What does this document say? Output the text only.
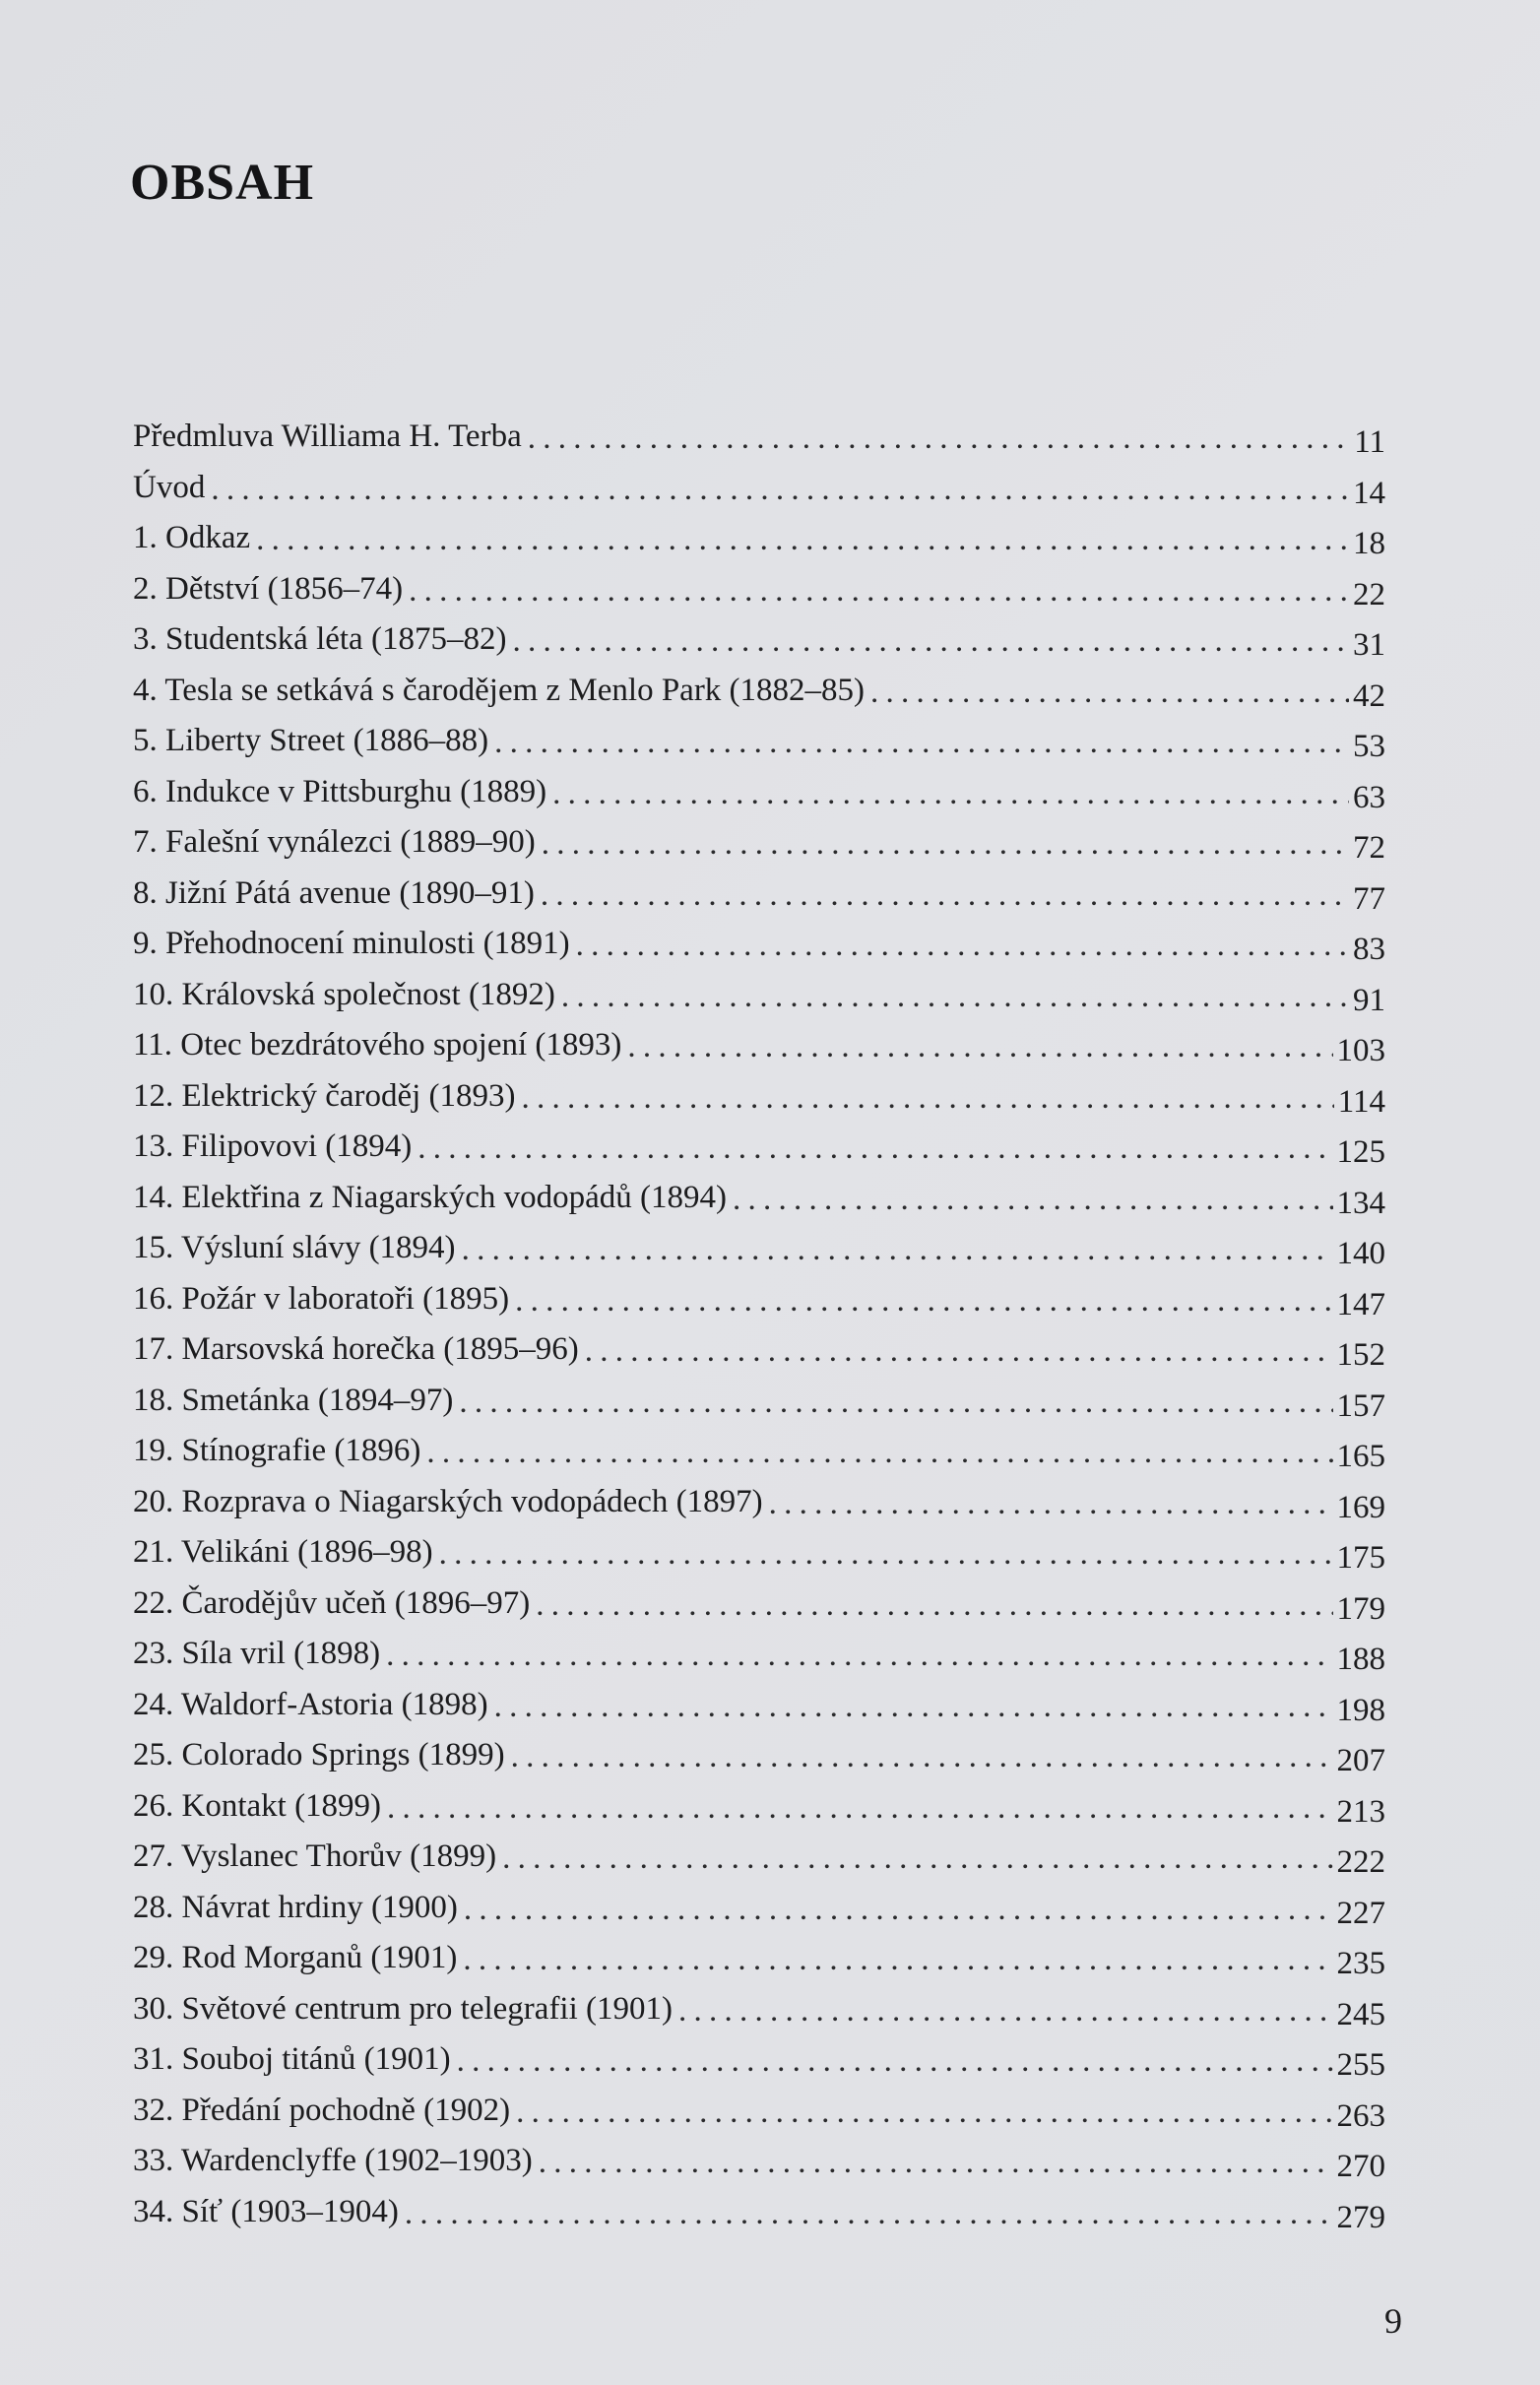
OBSAH
Předmluva Williama H. Terba . . .	11
Úvod . . .	14
1. Odkaz . . .	18
2. Dětství (1856–74) . . .	22
3. Studentská léta (1875–82) . . .	31
4. Tesla se setkává s čarodějem z Menlo Park (1882–85) . . .	42
5. Liberty Street (1886–88) . . .	53
6. Indukce v Pittsburghu (1889) . . .	63
7. Falešní vynálezci (1889–90) . . .	72
8. Jižní Pátá avenue (1890–91) . . .	77
9. Přehodnocení minulosti (1891) . . .	83
10. Královská společnost (1892) . . .	91
11. Otec bezdrátového spojení (1893) . . .	103
12. Elektrický čaroděj (1893) . . .	114
13. Filipovovi (1894) . . .	125
14. Elektřina z Niagarských vodopádů (1894) . . .	134
15. Výsluní slávy (1894) . . .	140
16. Požár v laboratoři (1895) . . .	147
17. Marsovská horečka (1895–96) . . .	152
18. Smetánka (1894–97) . . .	157
19. Stínografie (1896) . . .	165
20. Rozprava o Niagarských vodopádech (1897) . . .	169
21. Velikáni (1896–98) . . .	175
22. Čarodějův učeň (1896–97) . . .	179
23. Síla vril (1898) . . .	188
24. Waldorf-Astoria (1898) . . .	198
25. Colorado Springs (1899) . . .	207
26. Kontakt (1899) . . .	213
27. Vyslanec Thorův (1899) . . .	222
28. Návrat hrdiny (1900) . . .	227
29. Rod Morganů (1901) . . .	235
30. Světové centrum pro telegrafii (1901) . . .	245
31. Souboj titánů (1901) . . .	255
32. Předání pochodně (1902) . . .	263
33. Wardenclyffe (1902–1903) . . .	270
34. Síť (1903–1904) . . .	279
9
